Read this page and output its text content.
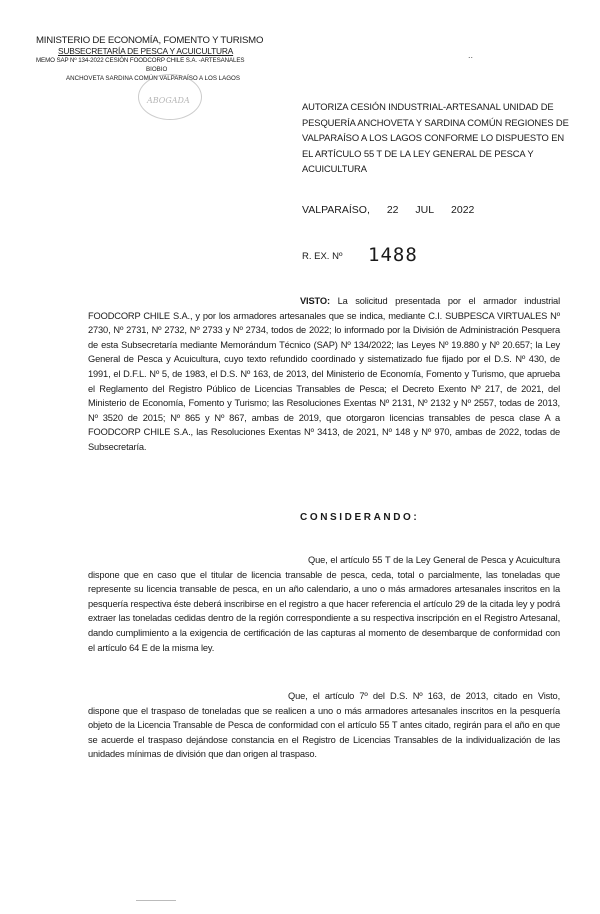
MINISTERIO DE ECONOMÍA, FOMENTO Y TURISMO
SUBSECRETARÍA DE PESCA Y ACUICULTURA
MEMO SAP Nº 134-2022 CESIÓN FOODCORP CHILE S.A. -ARTESANALES
BIOBIO
ANCHOVETA SARDINA COMÚN VALPARAÍSO A LOS LAGOS
ABOGADA
..
AUTORIZA CESIÓN INDUSTRIAL-ARTESANAL UNIDAD DE PESQUERÍA ANCHOVETA Y SARDINA COMÚN REGIONES DE VALPARAÍSO A LOS LAGOS CONFORME LO DISPUESTO EN EL ARTÍCULO 55 T DE LA LEY GENERAL DE PESCA Y ACUICULTURA
VALPARAÍSO, 22 JUL 2022
R. EX. Nº 1488
VISTO: La solicitud presentada por el armador industrial FOODCORP CHILE S.A., y por los armadores artesanales que se indica, mediante C.I. SUBPESCA VIRTUALES Nº 2730, Nº 2731, Nº 2732, Nº 2733 y Nº 2734, todos de 2022; lo informado por la División de Administración Pesquera de esta Subsecretaría mediante Memorándum Técnico (SAP) Nº 134/2022; las Leyes Nº 19.880 y Nº 20.657; la Ley General de Pesca y Acuicultura, cuyo texto refundido coordinado y sistematizado fue fijado por el D.S. Nº 430, de 1991, el D.F.L. Nº 5, de 1983, el D.S. Nº 163, de 2013, del Ministerio de Economía, Fomento y Turismo, que aprueba el Reglamento del Registro Público de Licencias Transables de Pesca; el Decreto Exento Nº 217, de 2021, del Ministerio de Economía, Fomento y Turismo; las Resoluciones Exentas Nº 2131, Nº 2132 y Nº 2557, todas de 2013, Nº 3520 de 2015; Nº 865 y Nº 867, ambas de 2019, que otorgaron licencias transables de pesca clase A a FOODCORP CHILE S.A., las Resoluciones Exentas Nº 3413, de 2021, Nº 148 y Nº 970, ambas de 2022, todas de Subsecretaría.
CONSIDERANDO:
Que, el artículo 55 T de la Ley General de Pesca y Acuicultura dispone que en caso que el titular de licencia transable de pesca, ceda, total o parcialmente, las toneladas que represente su licencia transable de pesca, en un año calendario, a uno o más armadores artesanales inscritos en la pesquería respectiva éste deberá inscribirse en el registro a que hacer referencia el artículo 29 de la citada ley y podrá extraer las toneladas cedidas dentro de la región correspondiente a su respectiva inscripción en el Registro Artesanal, dando cumplimiento a la exigencia de certificación de las capturas al momento de desembarque de conformidad con el artículo 64 E de la misma ley.
Que, el artículo 7º del D.S. Nº 163, de 2013, citado en Visto, dispone que el traspaso de toneladas que se realicen a uno o más armadores artesanales inscritos en la pesquería objeto de la Licencia Transable de Pesca de conformidad con el artículo 55 T antes citado, regirán para el año en que se acuerde el traspaso dejándose constancia en el Registro de Licencias Transables de la individualización de las unidades mínimas de división que dan origen al traspaso.
